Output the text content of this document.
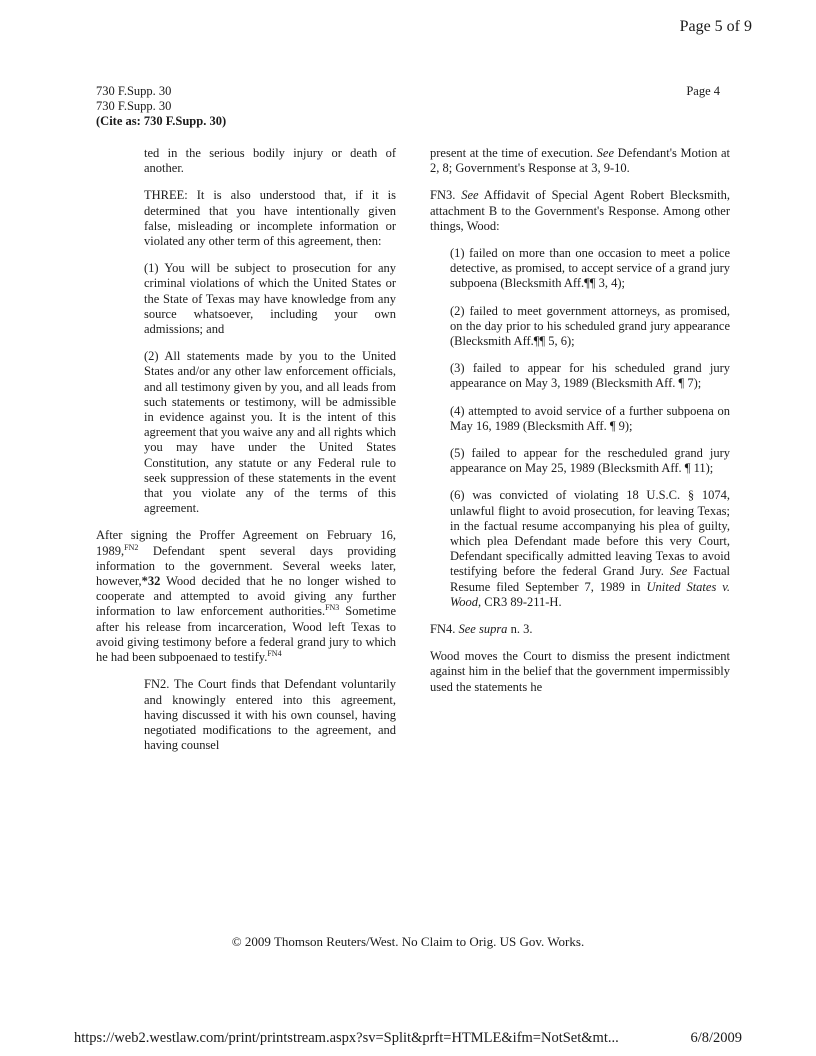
Page 5 of 9
730 F.Supp. 30
730 F.Supp. 30
(Cite as: 730 F.Supp. 30)
Page 4

ted in the serious bodily injury or death of another.

THREE: It is also understood that, if it is determined that you have intentionally given false, misleading or incomplete information or violated any other term of this agreement, then:

(1) You will be subject to prosecution for any criminal violations of which the United States or the State of Texas may have knowledge from any source whatsoever, including your own admissions; and

(2) All statements made by you to the United States and/or any other law enforcement officials, and all testimony given by you, and all leads from such statements or testimony, will be admissible in evidence against you. It is the intent of this agreement that you waive any and all rights which you may have under the United States Constitution, any statute or any Federal rule to seek suppression of these statements in the event that you violate any of the terms of this agreement.

After signing the Proffer Agreement on February 16, 1989,$^{FN2}$ Defendant spent several days providing information to the government. Several weeks later, however,*32 Wood decided that he no longer wished to cooperate and attempted to avoid giving any further information to law enforcement authorities.$^{FN3}$ Sometime after his release from incarceration, Wood left Texas to avoid giving testimony before a federal grand jury to which he had been subpoenaed to testify.$^{FN4}$

FN2. The Court finds that Defendant voluntarily and knowingly entered into this agreement, having discussed it with his own counsel, having negotiated modifications to the agreement, and having counsel

present at the time of execution. See Defendant's Motion at 2, 8; Government's Response at 3, 9-10.

FN3. See Affidavit of Special Agent Robert Blecksmith, attachment B to the Government's Response. Among other things, Wood:

(1) failed on more than one occasion to meet a police detective, as promised, to accept service of a grand jury subpoena (Blecksmith Aff.¶¶ 3, 4);

(2) failed to meet government attorneys, as promised, on the day prior to his scheduled grand jury appearance (Blecksmith Aff.¶¶ 5, 6);

(3) failed to appear for his scheduled grand jury appearance on May 3, 1989 (Blecksmith Aff. ¶ 7);

(4) attempted to avoid service of a further subpoena on May 16, 1989 (Blecksmith Aff. ¶ 9);

(5) failed to appear for the rescheduled grand jury appearance on May 25, 1989 (Blecksmith Aff. ¶ 11);

(6) was convicted of violating 18 U.S.C. § 1074, unlawful flight to avoid prosecution, for leaving Texas; in the factual resume accompanying his plea of guilty, which plea Defendant made before this very Court, Defendant specifically admitted leaving Texas to avoid testifying before the federal Grand Jury. See Factual Resume filed September 7, 1989 in United States v. Wood, CR3 89-211-H.

FN4. See supra n. 3.

Wood moves the Court to dismiss the present indictment against him in the belief that the government impermissibly used the statements he

© 2009 Thomson Reuters/West. No Claim to Orig. US Gov. Works.
https://web2.westlaw.com/print/printstream.aspx?sv=Split&prft=HTMLE&ifm=NotSet&mt...	6/8/2009
